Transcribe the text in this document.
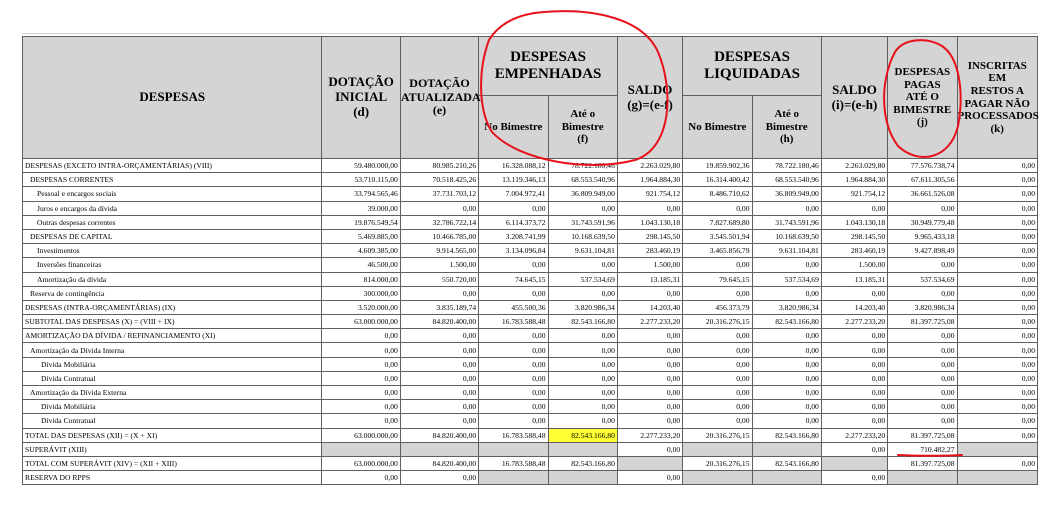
DESPESAS	DOTAÇÃO
INICIAL
(d)	DOTAÇÃO
ATUALIZADA
(e)	DESPESAS
EMPENHADAS		SALDO
(g)=(e-f)	DESPESAS
LIQUIDADAS		SALDO
(i)=(e-h)	DESPESAS
PAGAS
ATÉ O
BIMESTRE
(j)	INSCRITAS EM
RESTOS A
PAGAR NÃO
PROCESSADOS
(k)
			No Bimestre	Até o
Bimestre
(f)		No Bimestre	Até o
Bimestre
(h)			
DESPESAS (EXCETO INTRA-ORÇAMENTÁRIAS) (VIII)	59.480.000,00	80.985.210,26	16.328.088,12	78.722.180,46	2.263.029,80	19.859.902,36	78.722.180,46	2.263.029,80	77.576.738,74	0,00
DESPESAS CORRENTES	53.710.115,00	70.518.425,26	13.119.346,13	68.553.540,96	1.964.884,30	16.314.400,42	68.553.540,96	1.964.884,30	67.611.305,56	0,00
Pessoal e encargos sociais	33.794.565,46	37.731.703,12	7.004.972,41	36.809.949,00	921.754,12	8.486.710,62	36.809.949,00	921.754,12	36.661.526,08	0,00
Juros e encargos da dívida	39.000,00	0,00	0,00	0,00	0,00	0,00	0,00	0,00	0,00	0,00
Outras despesas correntes	19.876.549,54	32.786.722,14	6.114.373,72	31.743.591,96	1.043.130,18	7.827.689,80	31.743.591,96	1.043.130,18	30.949.779,48	0,00
DESPESAS DE CAPITAL	5.469.885,00	10.466.785,00	3.208.741,99	10.168.639,50	298.145,50	3.545.501,94	10.168.639,50	298.145,50	9.965.433,18	0,00
Investimentos	4.609.385,00	9.914.565,00	3.134.096,84	9.631.104,81	283.460,19	3.465.856,79	9.631.104,81	283.460,19	9.427.898,49	0,00
Inversões financeiras	46.500,00	1.500,00	0,00	0,00	1.500,00	0,00	0,00	1.500,00	0,00	0,00
Amortização da dívida	814.000,00	550.720,00	74.645,15	537.534,69	13.185,31	79.645,15	537.534,69	13.185,31	537.534,69	0,00
Reserva de contingência	300.000,00	0,00	0,00	0,00	0,00	0,00	0,00	0,00	0,00	0,00
DESPESAS (INTRA-ORÇAMENTÁRIAS) (IX)	3.520.000,00	3.835.189,74	455.500,36	3.820.986,34	14.203,40	456.373,79	3.820.986,34	14.203,40	3.820.986,34	0,00
SUBTOTAL DAS DESPESAS (X) = (VIII + IX)	63.000.000,00	84.820.400,00	16.783.588,48	82.543.166,80	2.277.233,20	20.316.276,15	82.543.166,80	2.277.233,20	81.397.725,08	0,00
AMORTIZAÇÃO DA DÍVIDA / REFINANCIAMENTO (XI)	0,00	0,00	0,00	0,00	0,00	0,00	0,00	0,00	0,00	0,00
Amortização da Dívida Interna	0,00	0,00	0,00	0,00	0,00	0,00	0,00	0,00	0,00	0,00
Dívida Mobiliária	0,00	0,00	0,00	0,00	0,00	0,00	0,00	0,00	0,00	0,00
Dívida Contratual	0,00	0,00	0,00	0,00	0,00	0,00	0,00	0,00	0,00	0,00
Amortização da Dívida Externa	0,00	0,00	0,00	0,00	0,00	0,00	0,00	0,00	0,00	0,00
Dívida Mobiliária	0,00	0,00	0,00	0,00	0,00	0,00	0,00	0,00	0,00	0,00
Dívida Contratual	0,00	0,00	0,00	0,00	0,00	0,00	0,00	0,00	0,00	0,00
TOTAL DAS DESPESAS (XII) = (X + XI)	63.000.000,00	84.820.400,00	16.783.588,48	82.543.166,80	2.277.233,20	20.316.276,15	82.543.166,80	2.277.233,20	81.397.725,08	0,00
SUPERÁVIT (XIII)					0,00			0,00	710.482,27	
TOTAL COM SUPERÁVIT (XIV) = (XII + XIII)	63.000.000,00	84.820.400,00	16.783.588,48	82.543.166,80		20.316.276,15	82.543.166,80		81.397.725,08	0,00
RESERVA DO RPPS	0,00	0,00			0,00			0,00		
